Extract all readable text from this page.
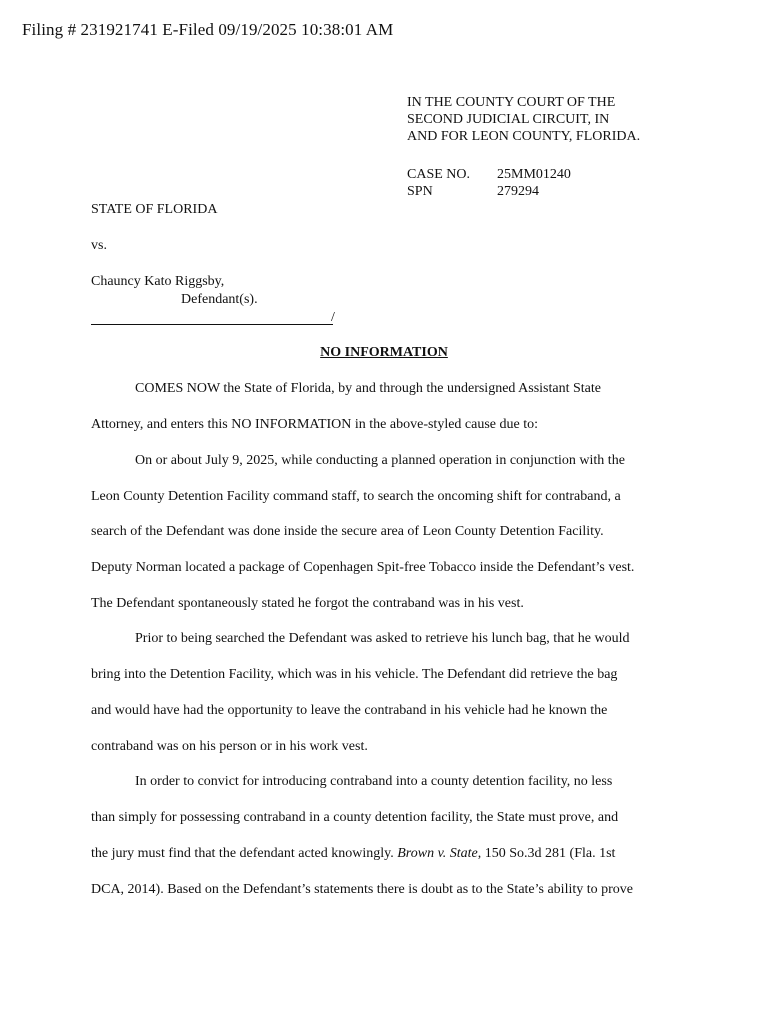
Filing # 231921741 E-Filed 09/19/2025 10:38:01 AM
IN THE COUNTY COURT OF THE
SECOND JUDICIAL CIRCUIT, IN
AND FOR LEON COUNTY, FLORIDA.
CASE NO.	25MM01240
SPN	279294
STATE OF FLORIDA
vs.
Chauncy Kato Riggsby,
Defendant(s).
/
NO INFORMATION
COMES NOW the State of Florida, by and through the undersigned Assistant State
Attorney, and enters this NO INFORMATION in the above-styled cause due to:
On or about July 9, 2025, while conducting a planned operation in conjunction with the
Leon County Detention Facility command staff, to search the oncoming shift for contraband, a
search of the Defendant was done inside the secure area of Leon County Detention Facility.
Deputy Norman located a package of Copenhagen Spit-free Tobacco inside the Defendant’s vest.
The Defendant spontaneously stated he forgot the contraband was in his vest.
Prior to being searched the Defendant was asked to retrieve his lunch bag, that he would
bring into the Detention Facility, which was in his vehicle. The Defendant did retrieve the bag
and would have had the opportunity to leave the contraband in his vehicle had he known the
contraband was on his person or in his work vest.
In order to convict for introducing contraband into a county detention facility, no less
than simply for possessing contraband in a county detention facility, the State must prove, and
the jury must find that the defendant acted knowingly. Brown v. State, 150 So.3d 281 (Fla. 1st
DCA, 2014). Based on the Defendant’s statements there is doubt as to the State’s ability to prove
